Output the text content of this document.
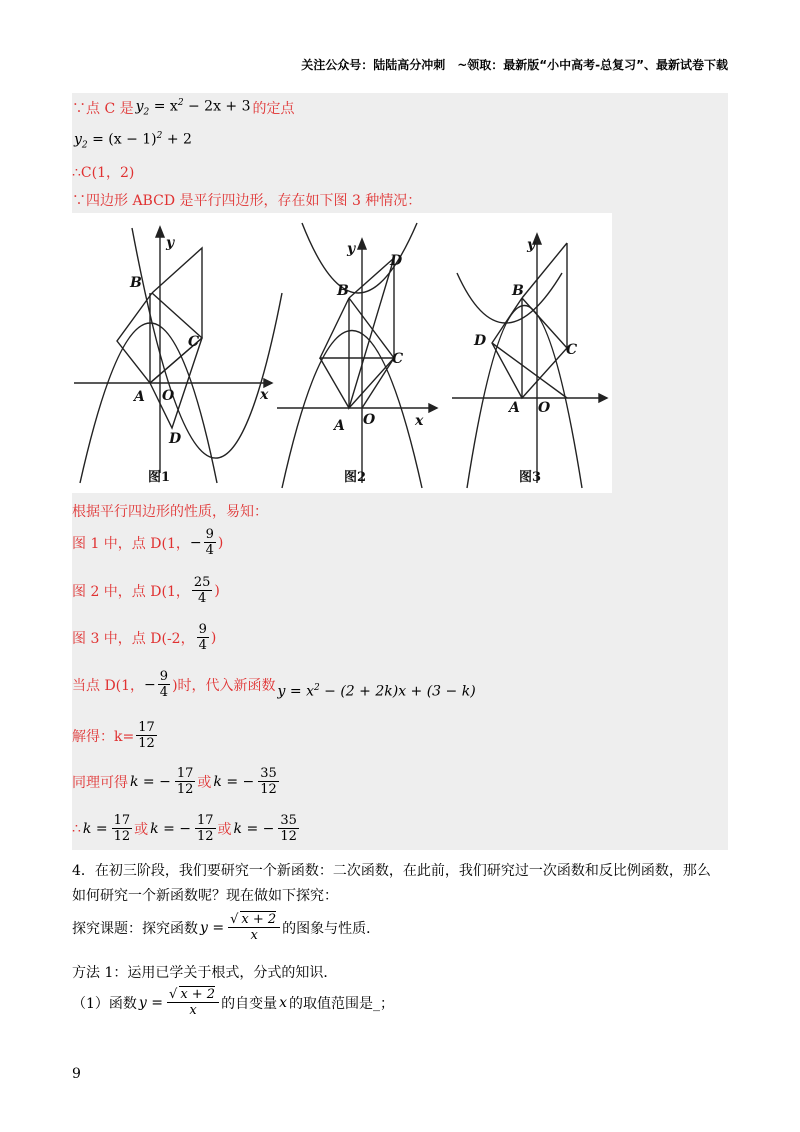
关注公众号：陆陆高分冲刺　~领取：最新版“小中高考-总复习”、最新试卷下载
∵点 C 是 $y_2 = x^2 - 2x + 3$ 的定点
$y_2 = (x - 1)^2 + 2$
∴C(1，2)
∵四边形 ABCD 是平行四边形，存在如下图 3 种情况：
y
x
B
C
A O
D
y
x
B
D
C
A O
y
B
D
C
A O
图1	图2	图3
根据平行四边形的性质，易知：
图 1 中，点 D(1， − $\frac{9}{4}$ )
图 2 中，点 D(1， $\frac{25}{4}$ )
图 3 中，点 D(-2， $\frac{9}{4}$ )
当点 D(1， − $\frac{9}{4}$ )时，代入新函数 $y = x^2 - (2 + 2k)x + (3 - k)$
解得：$k= \frac{17}{12}$
同理可得 k = − $\frac{17}{12}$ 或 k = − $\frac{35}{12}$
∴ $k = \frac{17}{12}$ 或 k = − $\frac{17}{12}$ 或 k = − $\frac{35}{12}$
4．在初三阶段，我们要研究一个新函数：二次函数，在此前，我们研究过一次函数和反比例函数，那么
如何研究一个新函数呢？现在做如下探究：
探究课题：探究函数 $y = \frac{√ x + 2}{x}$ 的图象与性质．
方法 1：运用已学关于根式，分式的知识．
（1）函数 $y = \frac{√ x + 2}{x}$ 的自变量 x 的取值范围是_；
9
